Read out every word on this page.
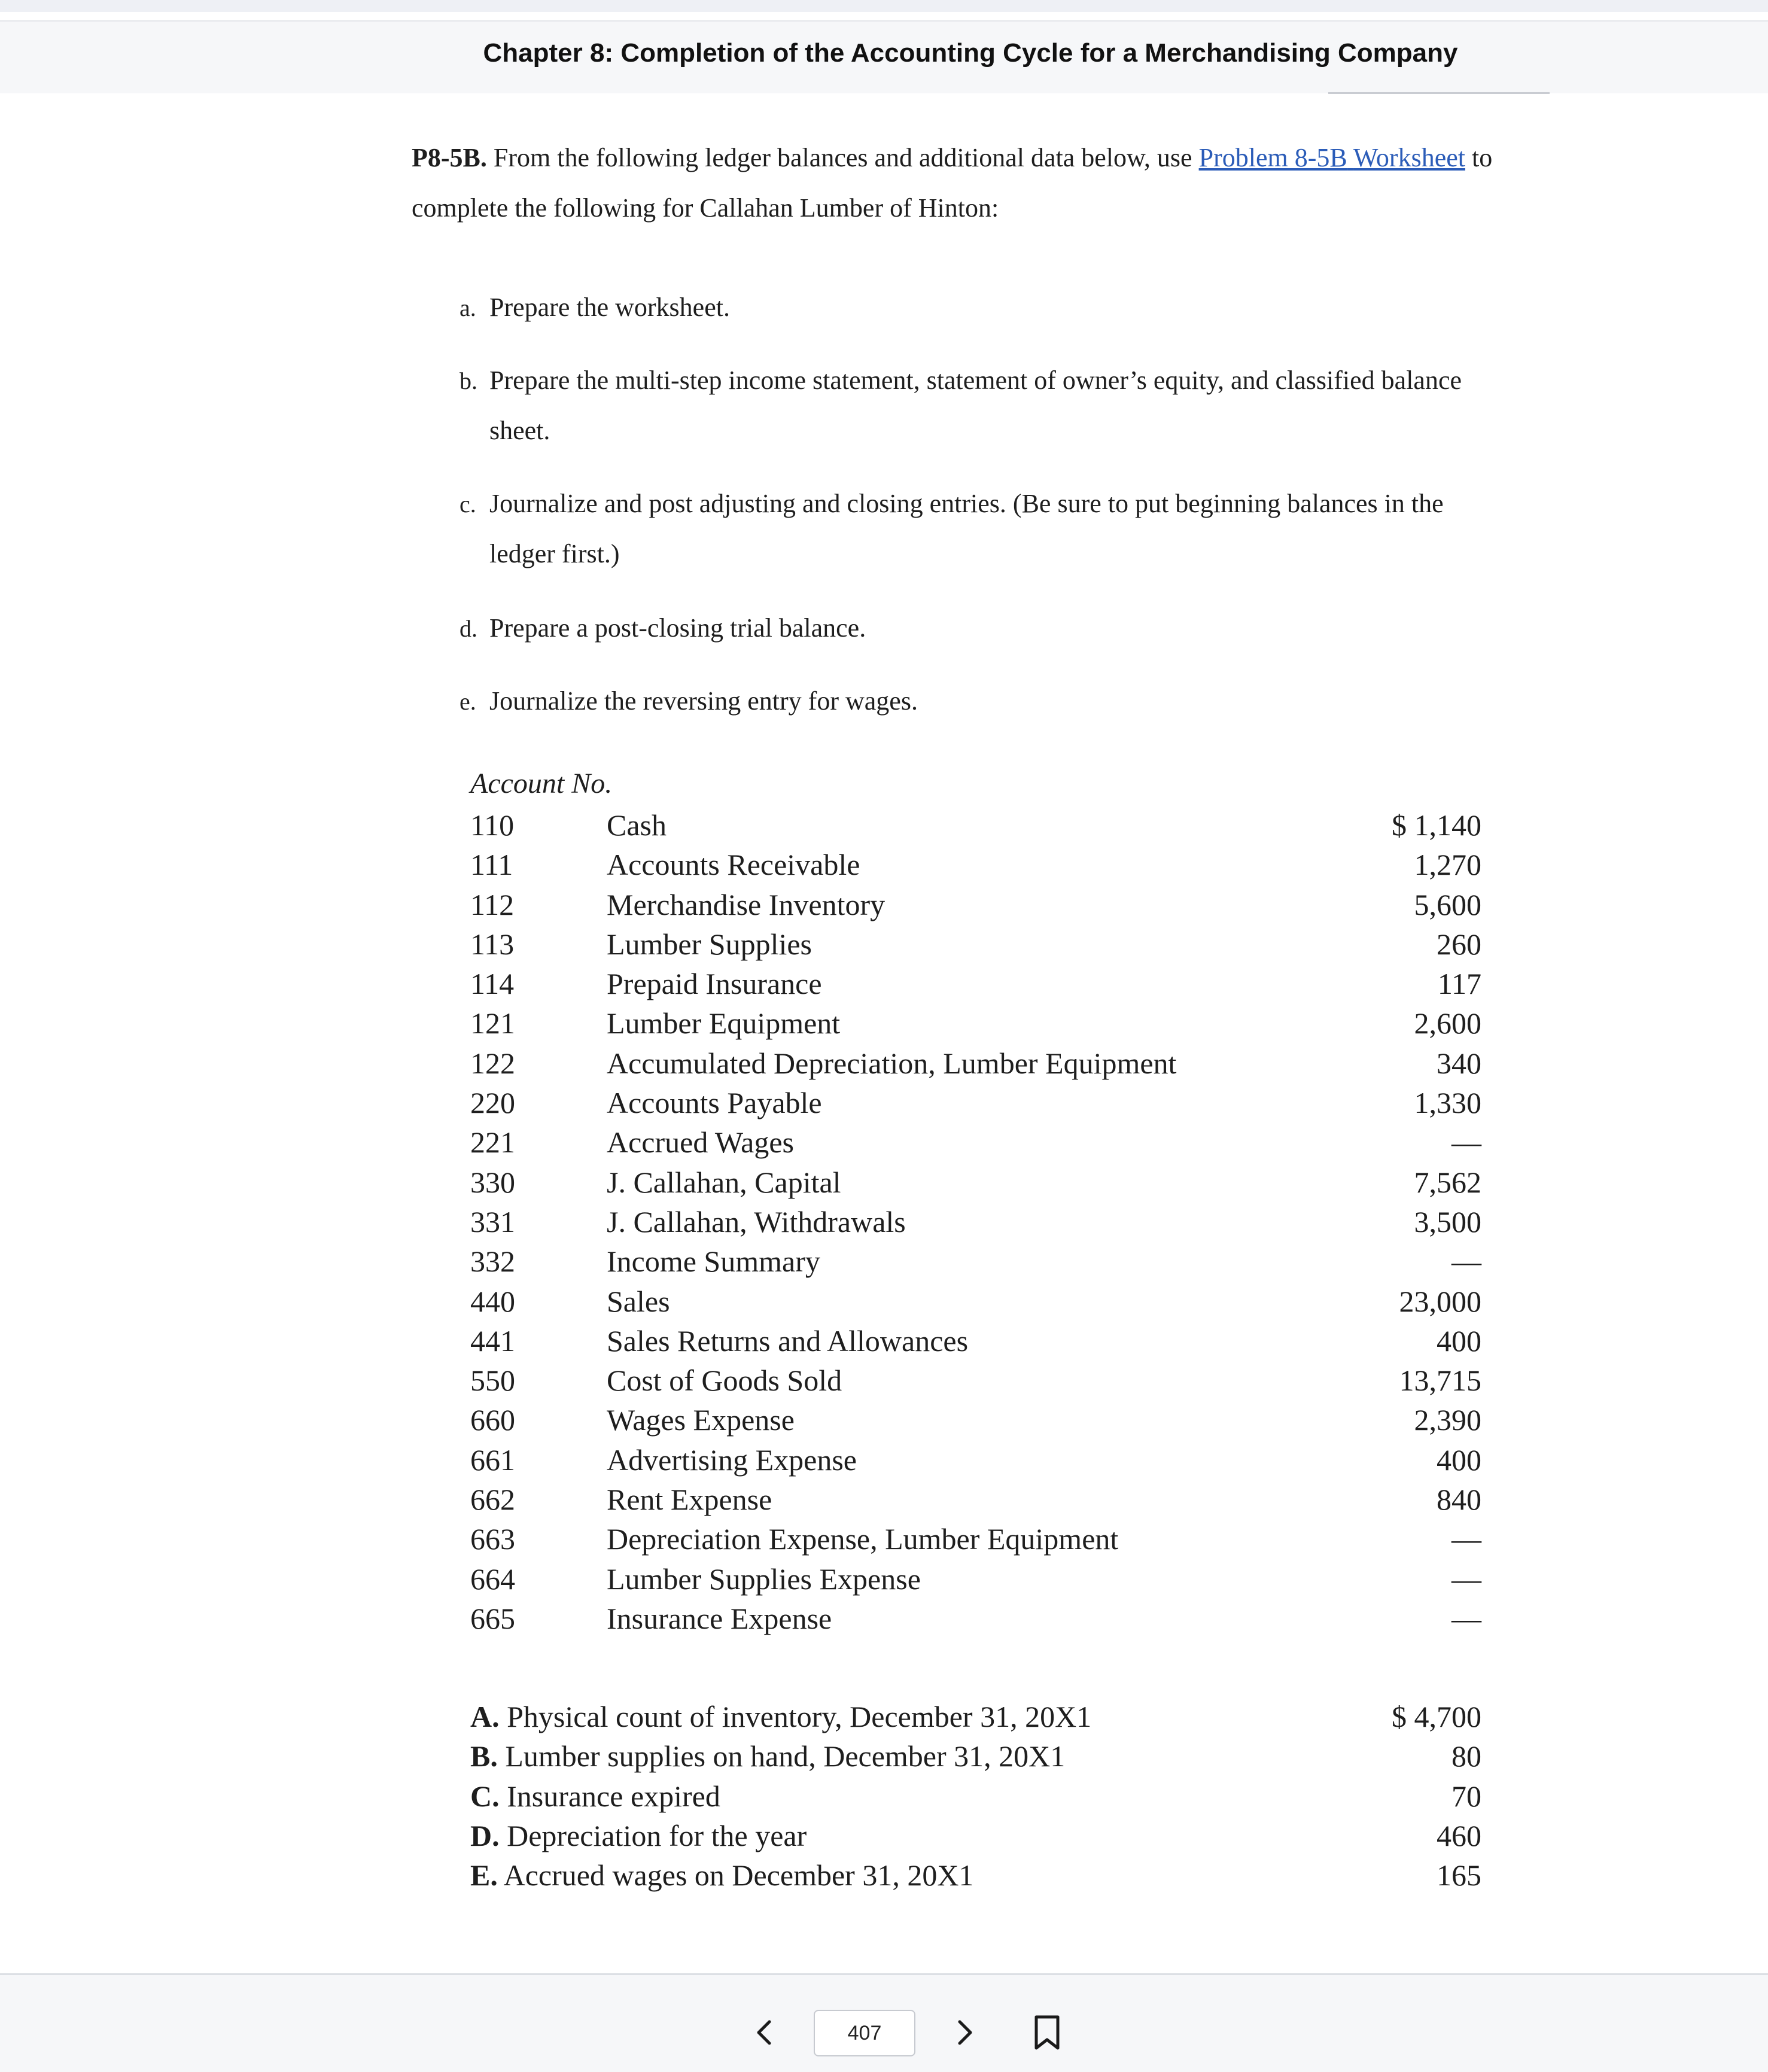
Chapter 8: Completion of the Accounting Cycle for a Merchandising Company
P8-5B. From the following ledger balances and additional data below, use Problem 8-5B Worksheet to complete the following for Callahan Lumber of Hinton:
a. Prepare the worksheet.
b. Prepare the multi-step income statement, statement of owner’s equity, and classified balance sheet.
c. Journalize and post adjusting and closing entries. (Be sure to put beginning balances in the ledger first.)
d. Prepare a post-closing trial balance.
e. Journalize the reversing entry for wages.
Account No.
110	Cash	$ 1,140
111	Accounts Receivable	1,270
112	Merchandise Inventory	5,600
113	Lumber Supplies	260
114	Prepaid Insurance	117
121	Lumber Equipment	2,600
122	Accumulated Depreciation, Lumber Equipment	340
220	Accounts Payable	1,330
221	Accrued Wages	—
330	J. Callahan, Capital	7,562
331	J. Callahan, Withdrawals	3,500
332	Income Summary	—
440	Sales	23,000
441	Sales Returns and Allowances	400
550	Cost of Goods Sold	13,715
660	Wages Expense	2,390
661	Advertising Expense	400
662	Rent Expense	840
663	Depreciation Expense, Lumber Equipment	—
664	Lumber Supplies Expense	—
665	Insurance Expense	—
A. Physical count of inventory, December 31, 20X1	$ 4,700
B. Lumber supplies on hand, December 31, 20X1	80
C. Insurance expired	70
D. Depreciation for the year	460
E. Accrued wages on December 31, 20X1	165
407
